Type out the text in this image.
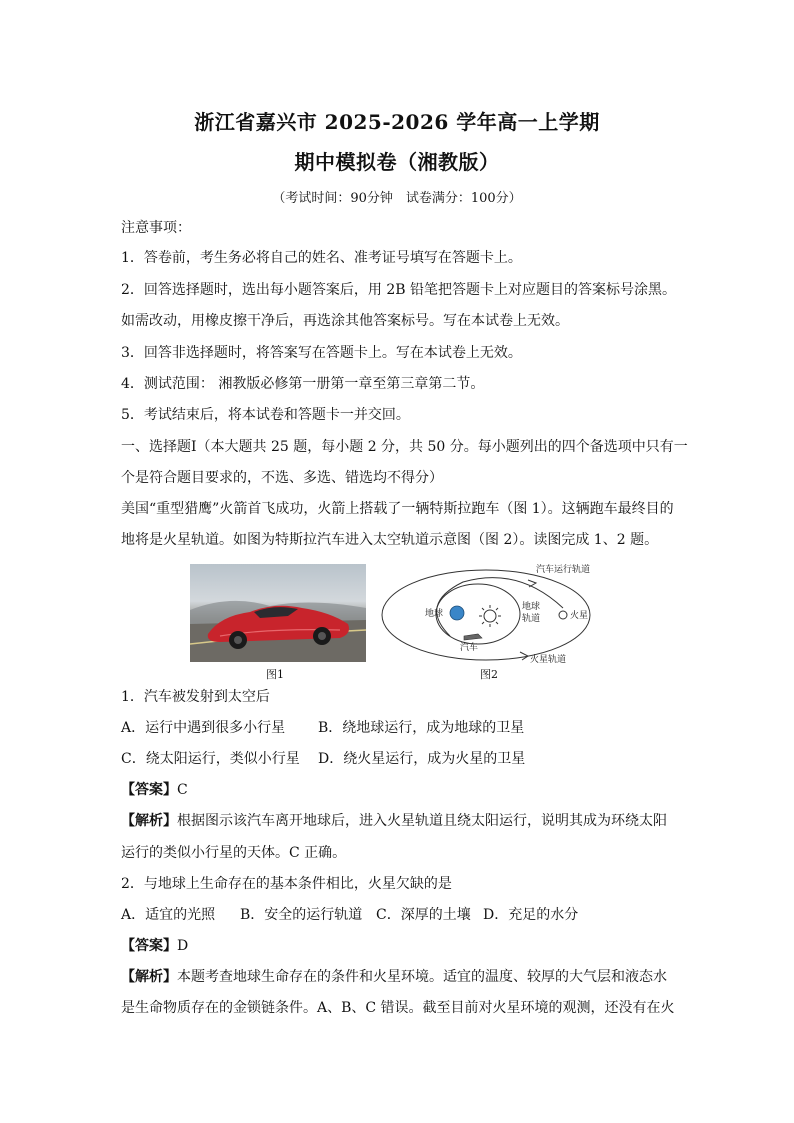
浙江省嘉兴市 2025-2026 学年高一上学期
期中模拟卷（湘教版）
（考试时间：90分钟　试卷满分：100分）
注意事项：
1．答卷前，考生务必将自己的姓名、准考证号填写在答题卡上。
2．回答选择题时，选出每小题答案后，用 2B 铅笔把答题卡上对应题目的答案标号涂黑。
如需改动，用橡皮擦干净后，再选涂其他答案标号。写在本试卷上无效。
3．回答非选择题时，将答案写在答题卡上。写在本试卷上无效。
4．测试范围： 湘教版必修第一册第一章至第三章第二节。
5．考试结束后，将本试卷和答题卡一并交回。
一、选择题Ⅰ（本大题共 25 题，每小题 2 分，共 50 分。每小题列出的四个备选项中只有一
个是符合题目要求的，不选、多选、错选均不得分）
美国“重型猎鹰”火箭首飞成功，火箭上搭载了一辆特斯拉跑车（图 1）。这辆跑车最终目的
地将是火星轨道。如图为特斯拉汽车进入太空轨道示意图（图 2）。读图完成 1、2 题。
图1
汽车运行轨道
地球
地球
轨道	火星
汽车
火星轨道
图2
1．汽车被发射到太空后
A．运行中遇到很多小行星 B．绕地球运行，成为地球的卫星
C．绕太阳运行，类似小行星 D．绕火星运行，成为火星的卫星
【答案】C
【解析】根据图示该汽车离开地球后，进入火星轨道且绕太阳运行，说明其成为环绕太阳
运行的类似小行星的天体。C 正确。
2．与地球上生命存在的基本条件相比，火星欠缺的是
A．适宜的光照 B．安全的运行轨道 C．深厚的土壤 D．充足的水分
【答案】D
【解析】本题考查地球生命存在的条件和火星环境。适宜的温度、较厚的大气层和液态水
是生命物质存在的金锁链条件。A、B、C 错误。截至目前对火星环境的观测，还没有在火
